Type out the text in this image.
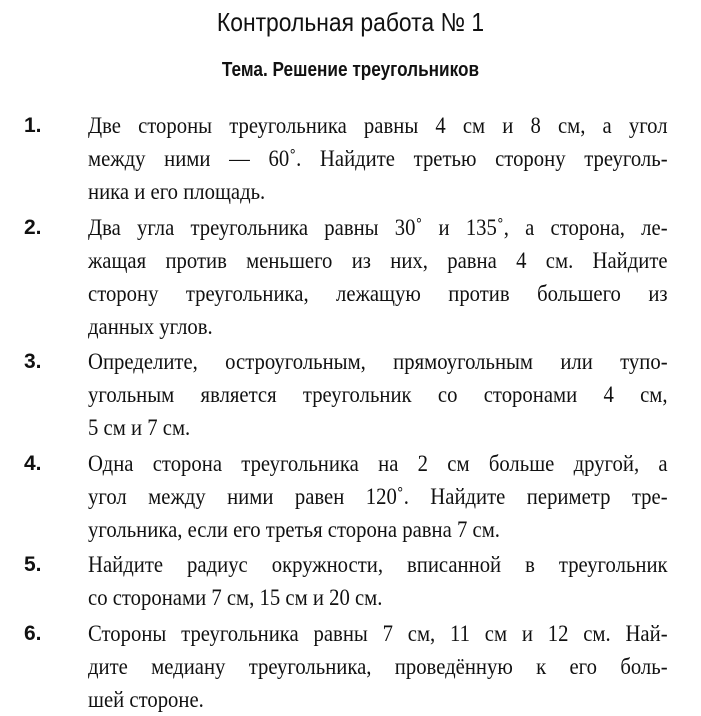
Контрольная работа № 1
Тема. Решение треугольников
1.	Две стороны треугольника равны 4 см и 8 см, а угол
между ними — 60˚. Найдите третью сторону треуголь-
ника и его площадь.
2.	Два угла треугольника равны 30˚ и 135˚, а сторона, ле-
жащая против меньшего из них, равна 4 см. Найдите
сторону треугольника, лежащую против большего из
данных углов.
3.	Определите, остроугольным, прямоугольным или тупо-
угольным является треугольник со сторонами 4 см,
5 см и 7 см.
4.	Одна сторона треугольника на 2 см больше другой, а
угол между ними равен 120˚. Найдите периметр тре-
угольника, если его третья сторона равна 7 см.
5.	Найдите радиус окружности, вписанной в треугольник
со сторонами 7 см, 15 см и 20 см.
6.	Стороны треугольника равны 7 см, 11 см и 12 см. Най-
дите медиану треугольника, проведённую к его боль-
шей стороне.
